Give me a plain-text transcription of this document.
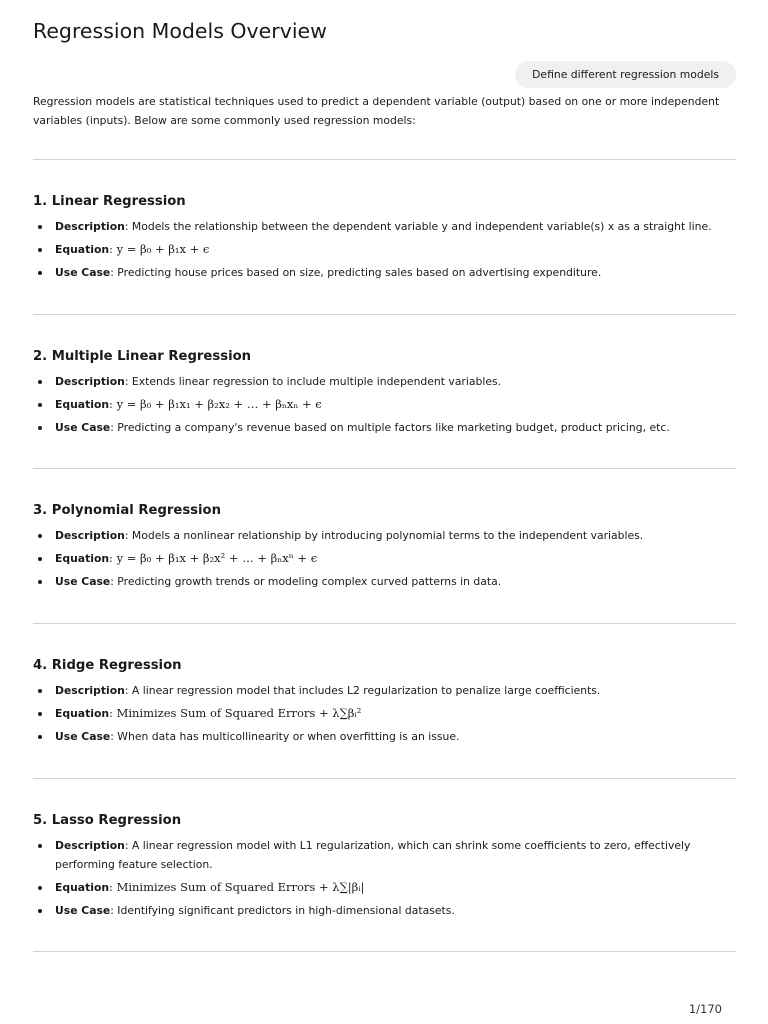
Regression Models Overview
Define different regression models

Regression models are statistical techniques used to predict a dependent variable (output) based on one or more independent variables (inputs). Below are some commonly used regression models:

1. Linear Regression
Description: Models the relationship between the dependent variable y and independent variable(s) x as a straight line.
Equation: y = β₀ + β₁x + ϵ
Use Case: Predicting house prices based on size, predicting sales based on advertising expenditure.
2. Multiple Linear Regression
Description: Extends linear regression to include multiple independent variables.
Equation: y = β₀ + β₁x₁ + β₂x₂ + … + βₙxₙ + ϵ
Use Case: Predicting a company's revenue based on multiple factors like marketing budget, product pricing, etc.
3. Polynomial Regression
Description: Models a nonlinear relationship by introducing polynomial terms to the independent variables.
Equation: y = β₀ + β₁x + β₂x² + … + βₙxⁿ + ϵ
Use Case: Predicting growth trends or modeling complex curved patterns in data.
4. Ridge Regression
Description: A linear regression model that includes L2 regularization to penalize large coefficients.
Equation: Minimizes Sum of Squared Errors + λ∑βᵢ²
Use Case: When data has multicollinearity or when overfitting is an issue.
5. Lasso Regression
Description: A linear regression model with L1 regularization, which can shrink some coefficients to zero, effectively performing feature selection.
Equation: Minimizes Sum of Squared Errors + λ∑|βᵢ|
Use Case: Identifying significant predictors in high-dimensional datasets.
1/170
